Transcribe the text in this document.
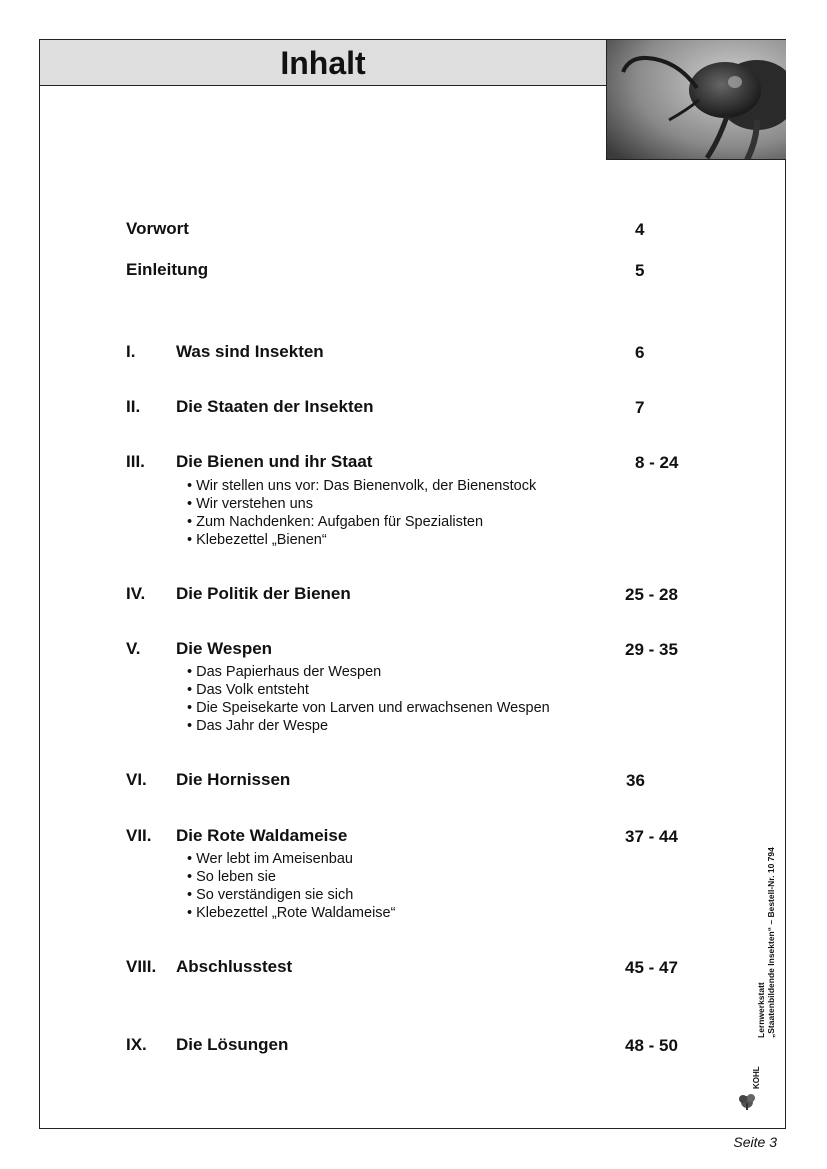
Inhalt
Vorwort	4
Einleitung	5
I. Was sind Insekten	6
II. Die Staaten der Insekten	7
III. Die Bienen und ihr Staat	8 - 24
• Wir stellen uns vor: Das Bienenvolk, der Bienenstock
• Wir verstehen uns
• Zum Nachdenken: Aufgaben für Spezialisten
• Klebezettel „Bienen“
IV. Die Politik der Bienen	25 - 28
V. Die Wespen	29 - 35
• Das Papierhaus der Wespen
• Das Volk entsteht
• Die Speisekarte von Larven und erwachsenen Wespen
• Das Jahr der Wespe
VI. Die Hornissen	36
VII. Die Rote Waldameise	37 - 44
• Wer lebt im Ameisenbau
• So leben sie
• So verständigen sie sich
• Klebezettel „Rote Waldameise“
VIII. Abschlusstest	45 - 47
IX. Die Lösungen	48 - 50
Lernwerkstatt „Staatenbildende Insekten“ – Bestell-Nr. 10 794
KOHL
Seite 3
